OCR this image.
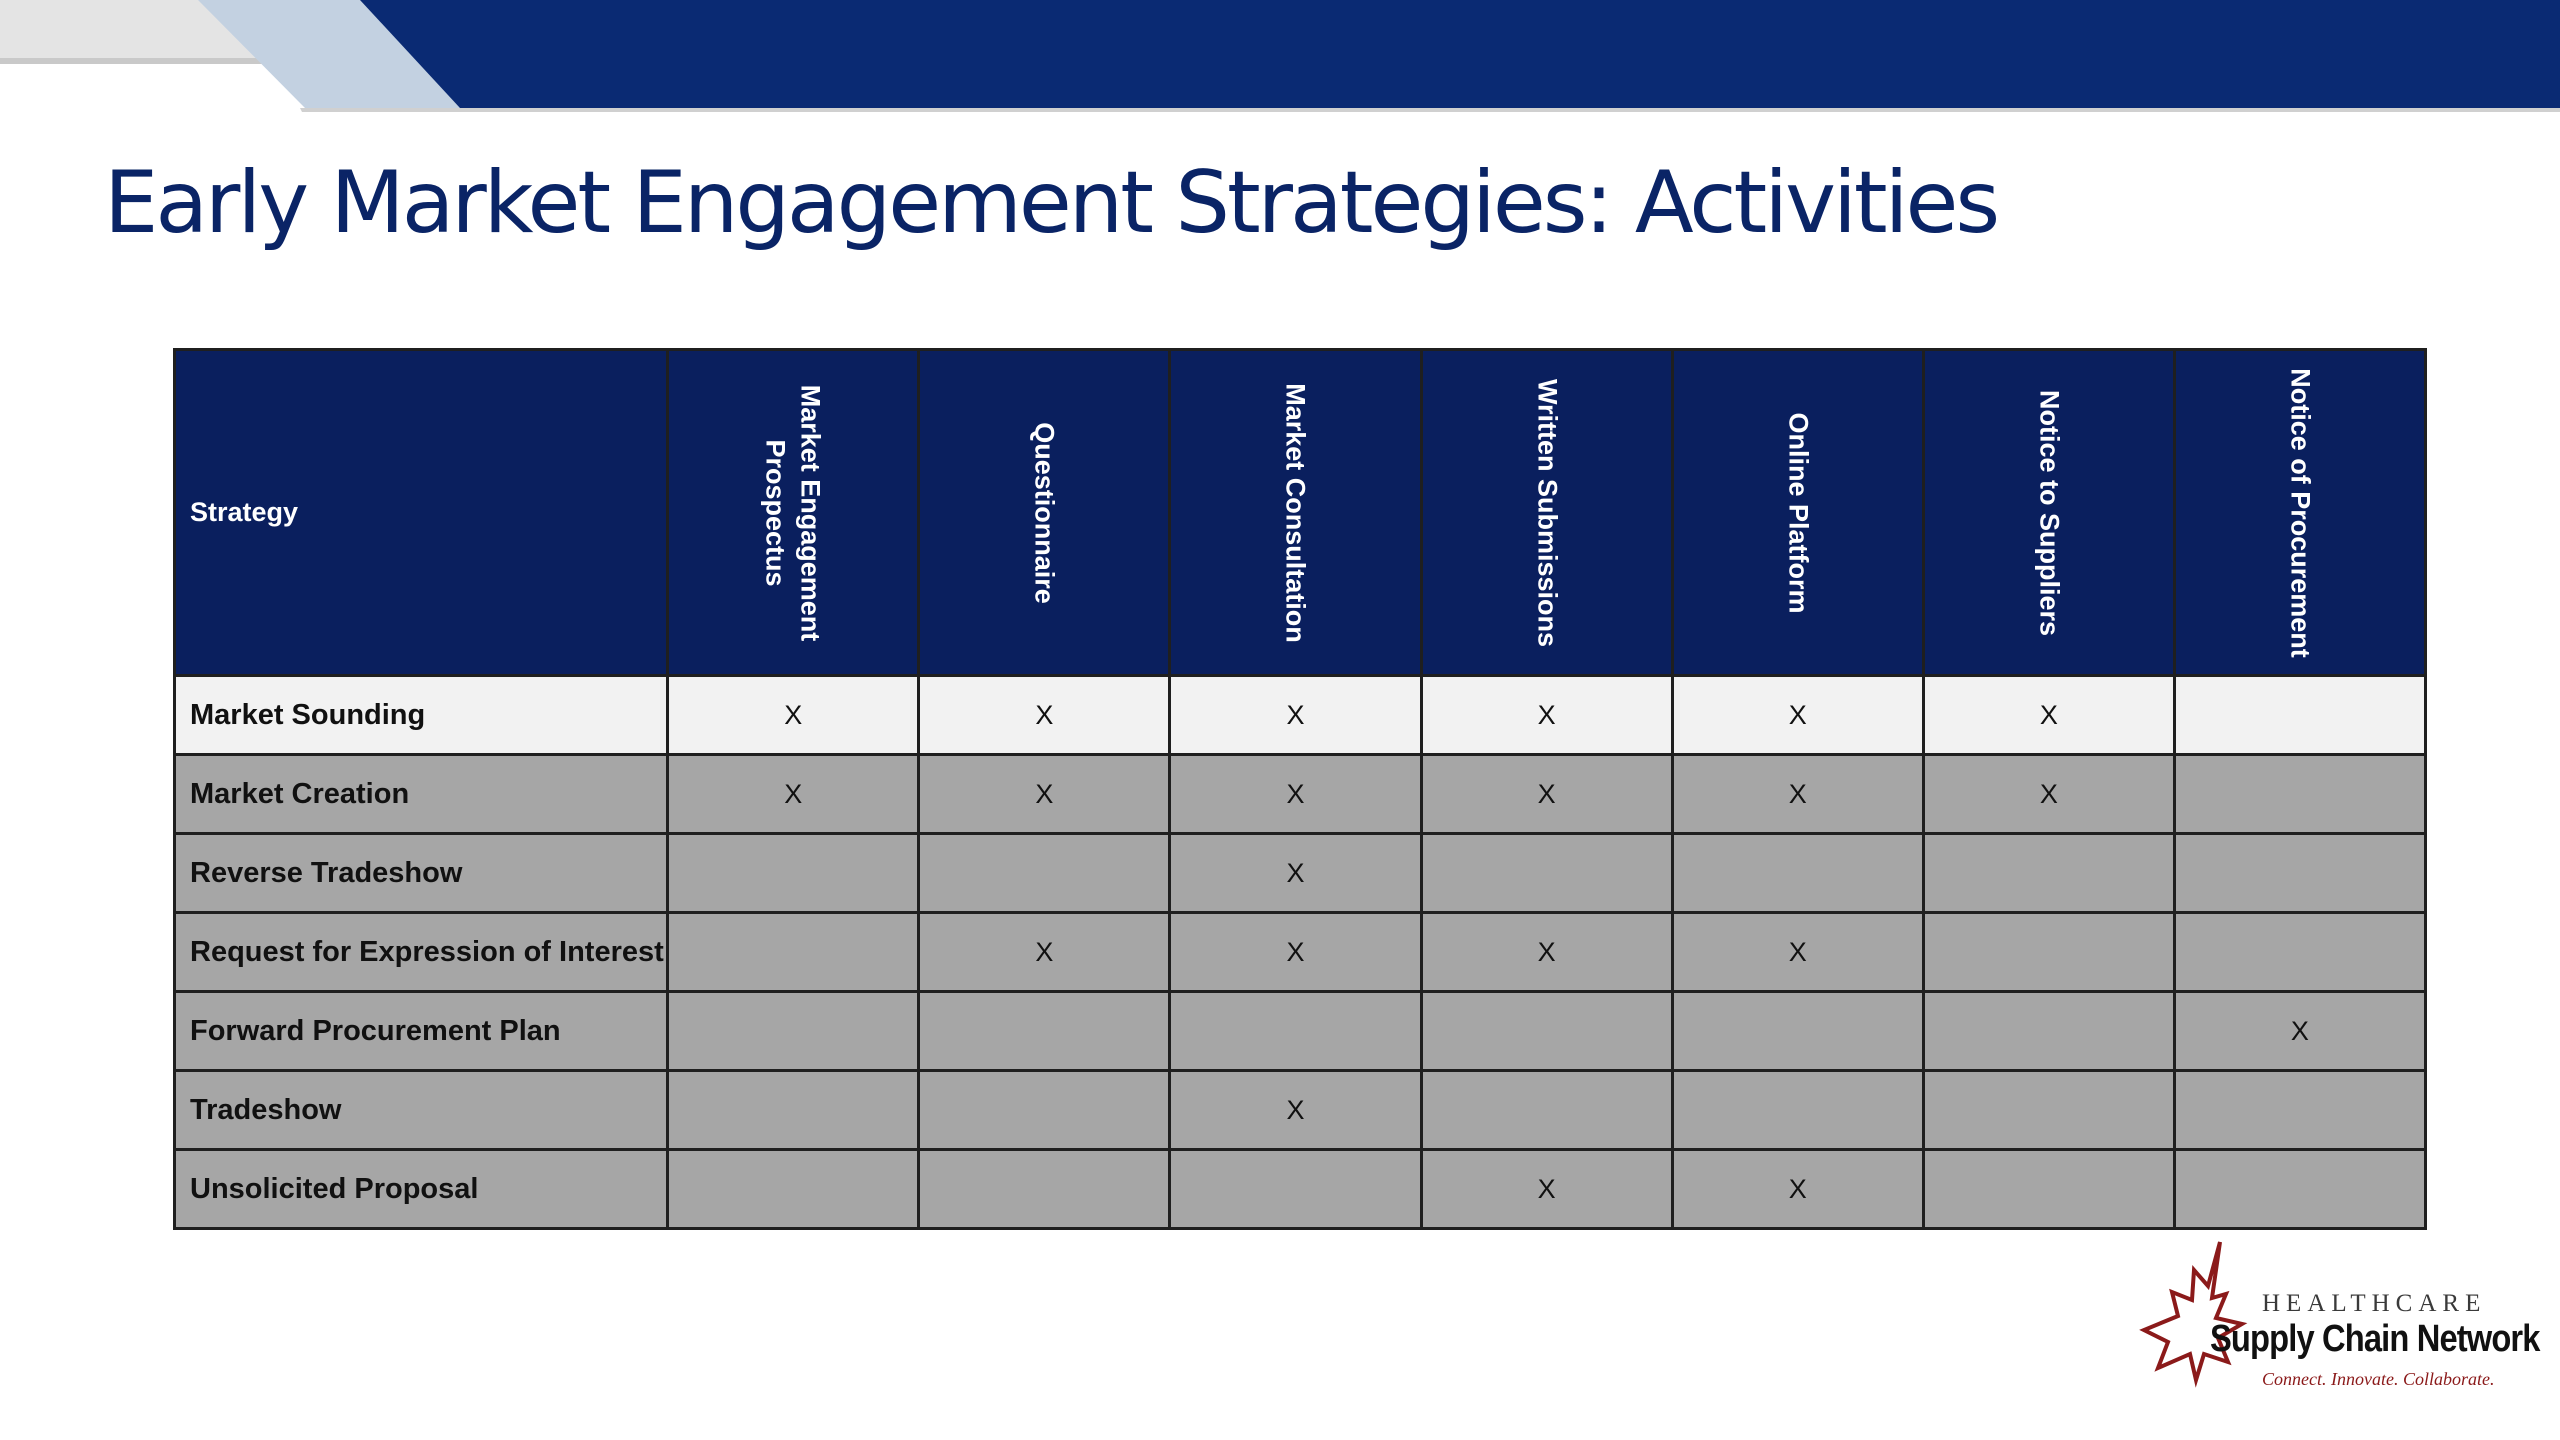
Early Market Engagement Strategies: Activities
Strategy	Market Engagement Prospectus	Questionnaire	Market Consultation	Written Submissions	Online Platform	Notice to Suppliers	Notice of Procurement

Market Sounding	X	X	X	X	X	X	
Market Creation	X	X	X	X	X	X	
Reverse Tradeshow			X				
Request for Expression of Interest		X	X	X	X		
Forward Procurement Plan							X
Tradeshow			X				
Unsolicited Proposal				X	X		
HEALTHCARE
Supply Chain Network
Connect. Innovate. Collaborate.
